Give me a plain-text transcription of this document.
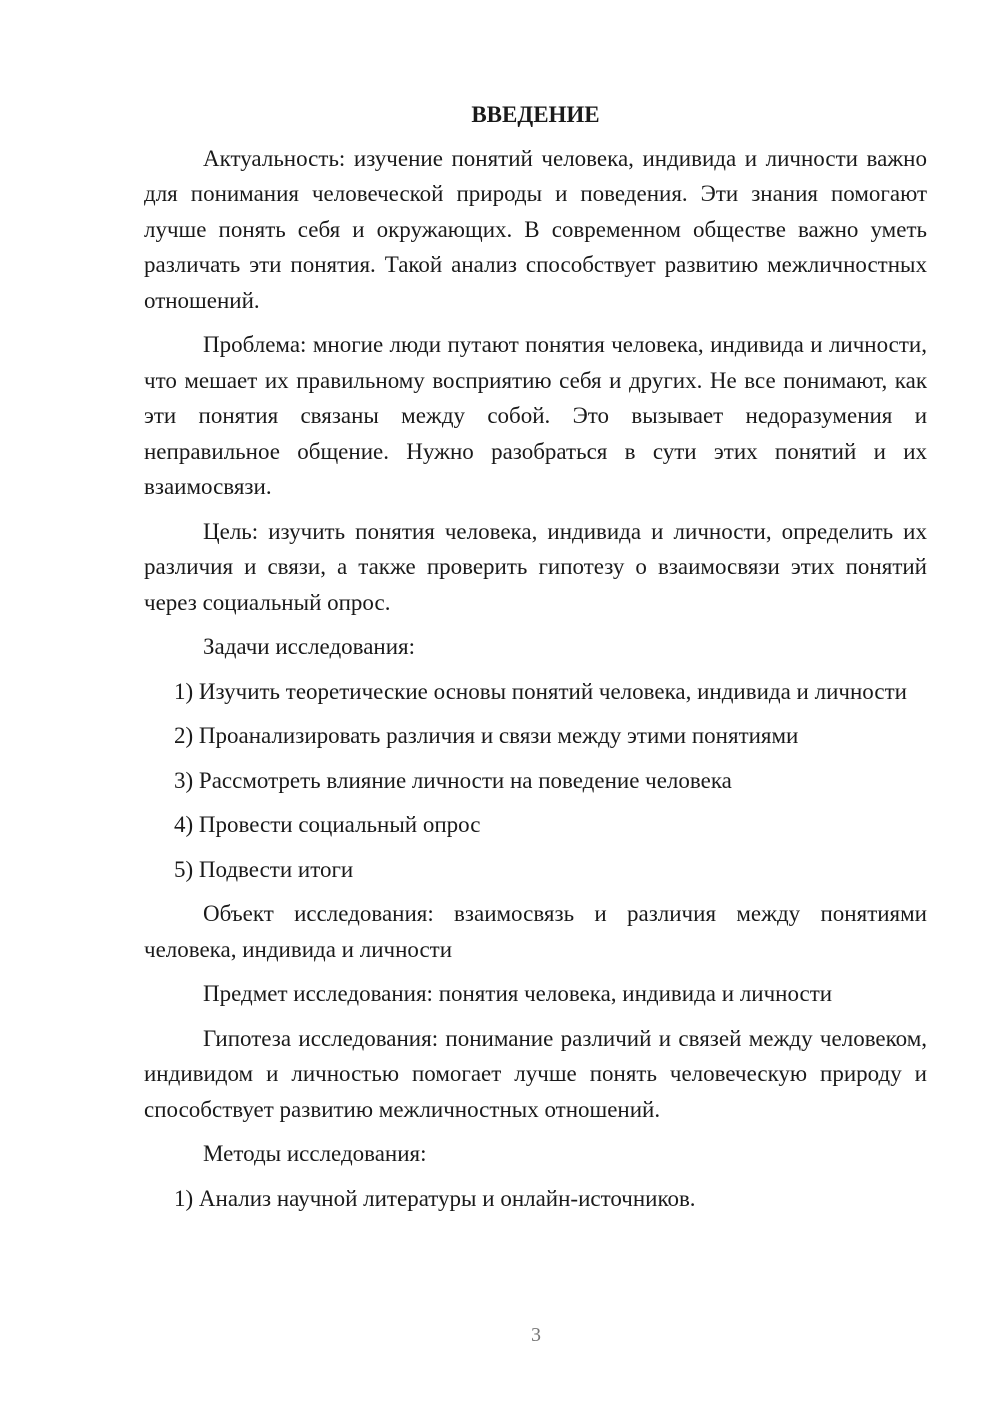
ВВЕДЕНИЕ

Актуальность: изучение понятий человека, индивида и личности важно для понимания человеческой природы и поведения. Эти знания помогают лучше понять себя и окружающих. В современном обществе важно уметь различать эти понятия. Такой анализ способствует развитию межличностных отношений.

Проблема: многие люди путают понятия человека, индивида и личности, что мешает их правильному восприятию себя и других. Не все понимают, как эти понятия связаны между собой. Это вызывает недоразумения и неправильное общение. Нужно разобраться в сути этих понятий и их взаимосвязи.

Цель: изучить понятия человека, индивида и личности, определить их различия и связи, а также проверить гипотезу о взаимосвязи этих понятий через социальный опрос.

Задачи исследования:

1) Изучить теоретические основы понятий человека, индивида и личности

2) Проанализировать различия и связи между этими понятиями

3) Рассмотреть влияние личности на поведение человека

4) Провести социальный опрос

5) Подвести итоги

Объект исследования: взаимосвязь и различия между понятиями человека, индивида и личности

Предмет исследования: понятия человека, индивида и личности

Гипотеза исследования: понимание различий и связей между человеком, индивидом и личностью помогает лучше понять человеческую природу и способствует развитию межличностных отношений.

Методы исследования:

1) Анализ научной литературы и онлайн-источников.

3
